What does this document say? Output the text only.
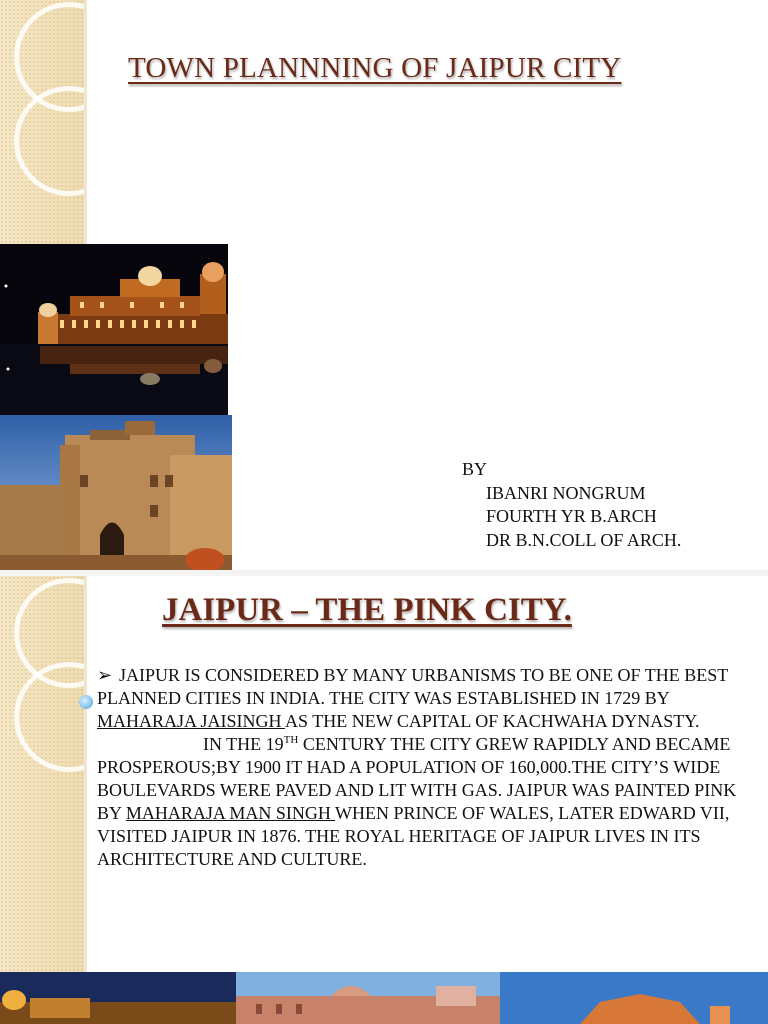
TOWN PLANNNING OF JAIPUR CITY
BY
IBANRI NONGRUM
FOURTH YR B.ARCH
DR B.N.COLL OF ARCH.
JAIPUR – THE PINK CITY.

➢ JAIPUR IS CONSIDERED BY MANY URBANISMS TO BE ONE OF THE BEST PLANNED CITIES IN INDIA. THE CITY WAS ESTABLISHED IN 1729 BY MAHARAJA JAISINGH AS THE NEW CAPITAL OF KACHWAHA DYNASTY.

IN THE 19TH CENTURY THE CITY GREW RAPIDLY AND BECAME PROSPEROUS;BY 1900 IT HAD A POPULATION OF 160,000.THE CITY’S WIDE BOULEVARDS WERE PAVED AND LIT WITH GAS. JAIPUR WAS PAINTED PINK BY MAHARAJA MAN SINGH WHEN PRINCE OF WALES, LATER EDWARD VII, VISITED JAIPUR IN 1876. THE ROYAL HERITAGE OF JAIPUR LIVES IN ITS ARCHITECTURE AND CULTURE.
